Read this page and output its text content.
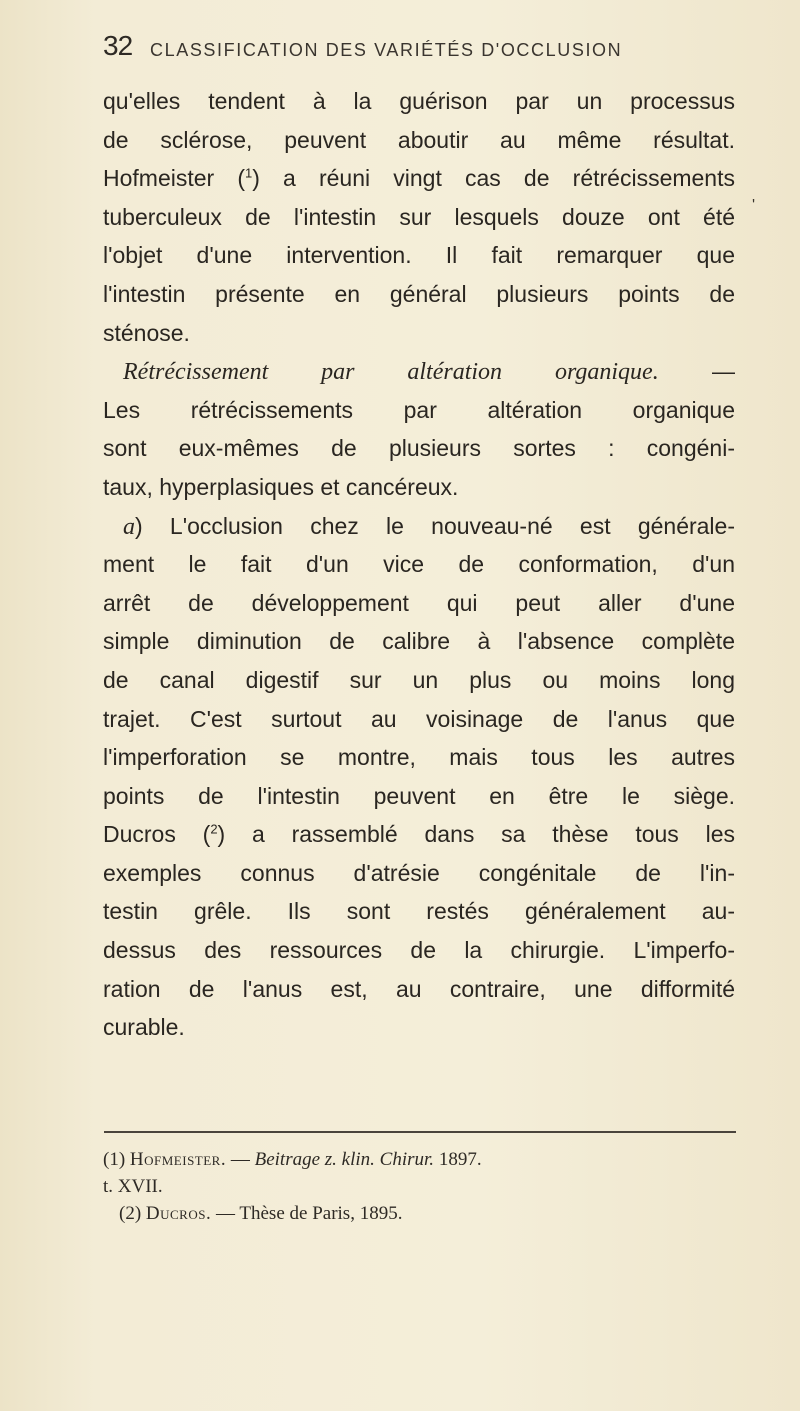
32 CLASSIFICATION DES VARIÉTÉS D'OCCLUSION
qu'elles tendent à la guérison par un processus
de sclérose, peuvent aboutir au même résultat.
Hofmeister ($^1$) a réuni vingt cas de rétrécissements
tuberculeux de l'intestin sur lesquels douze ont été
l'objet d'une intervention. Il fait remarquer que
l'intestin présente en général plusieurs points de
sténose.
Rétrécissement par altération organique. —
Les rétrécissements par altération organique
sont eux-mêmes de plusieurs sortes : congéni-
taux, hyperplasiques et cancéreux.
a) L'occlusion chez le nouveau-né est générale-
ment le fait d'un vice de conformation, d'un
arrêt de développement qui peut aller d'une
simple diminution de calibre à l'absence complète
de canal digestif sur un plus ou moins long
trajet. C'est surtout au voisinage de l'anus que
l'imperforation se montre, mais tous les autres
points de l'intestin peuvent en être le siège.
Ducros ($^2$) a rassemblé dans sa thèse tous les
exemples connus d'atrésie congénitale de l'in-
testin grêle. Ils sont restés généralement au-
dessus des ressources de la chirurgie. L'imperfo-
ration de l'anus est, au contraire, une difformité
curable.
'
(1) Hofmeister. — Beitrage z. klin. Chirur. 1897.
t. XVII.
(2) Ducros. — Thèse de Paris, 1895.
